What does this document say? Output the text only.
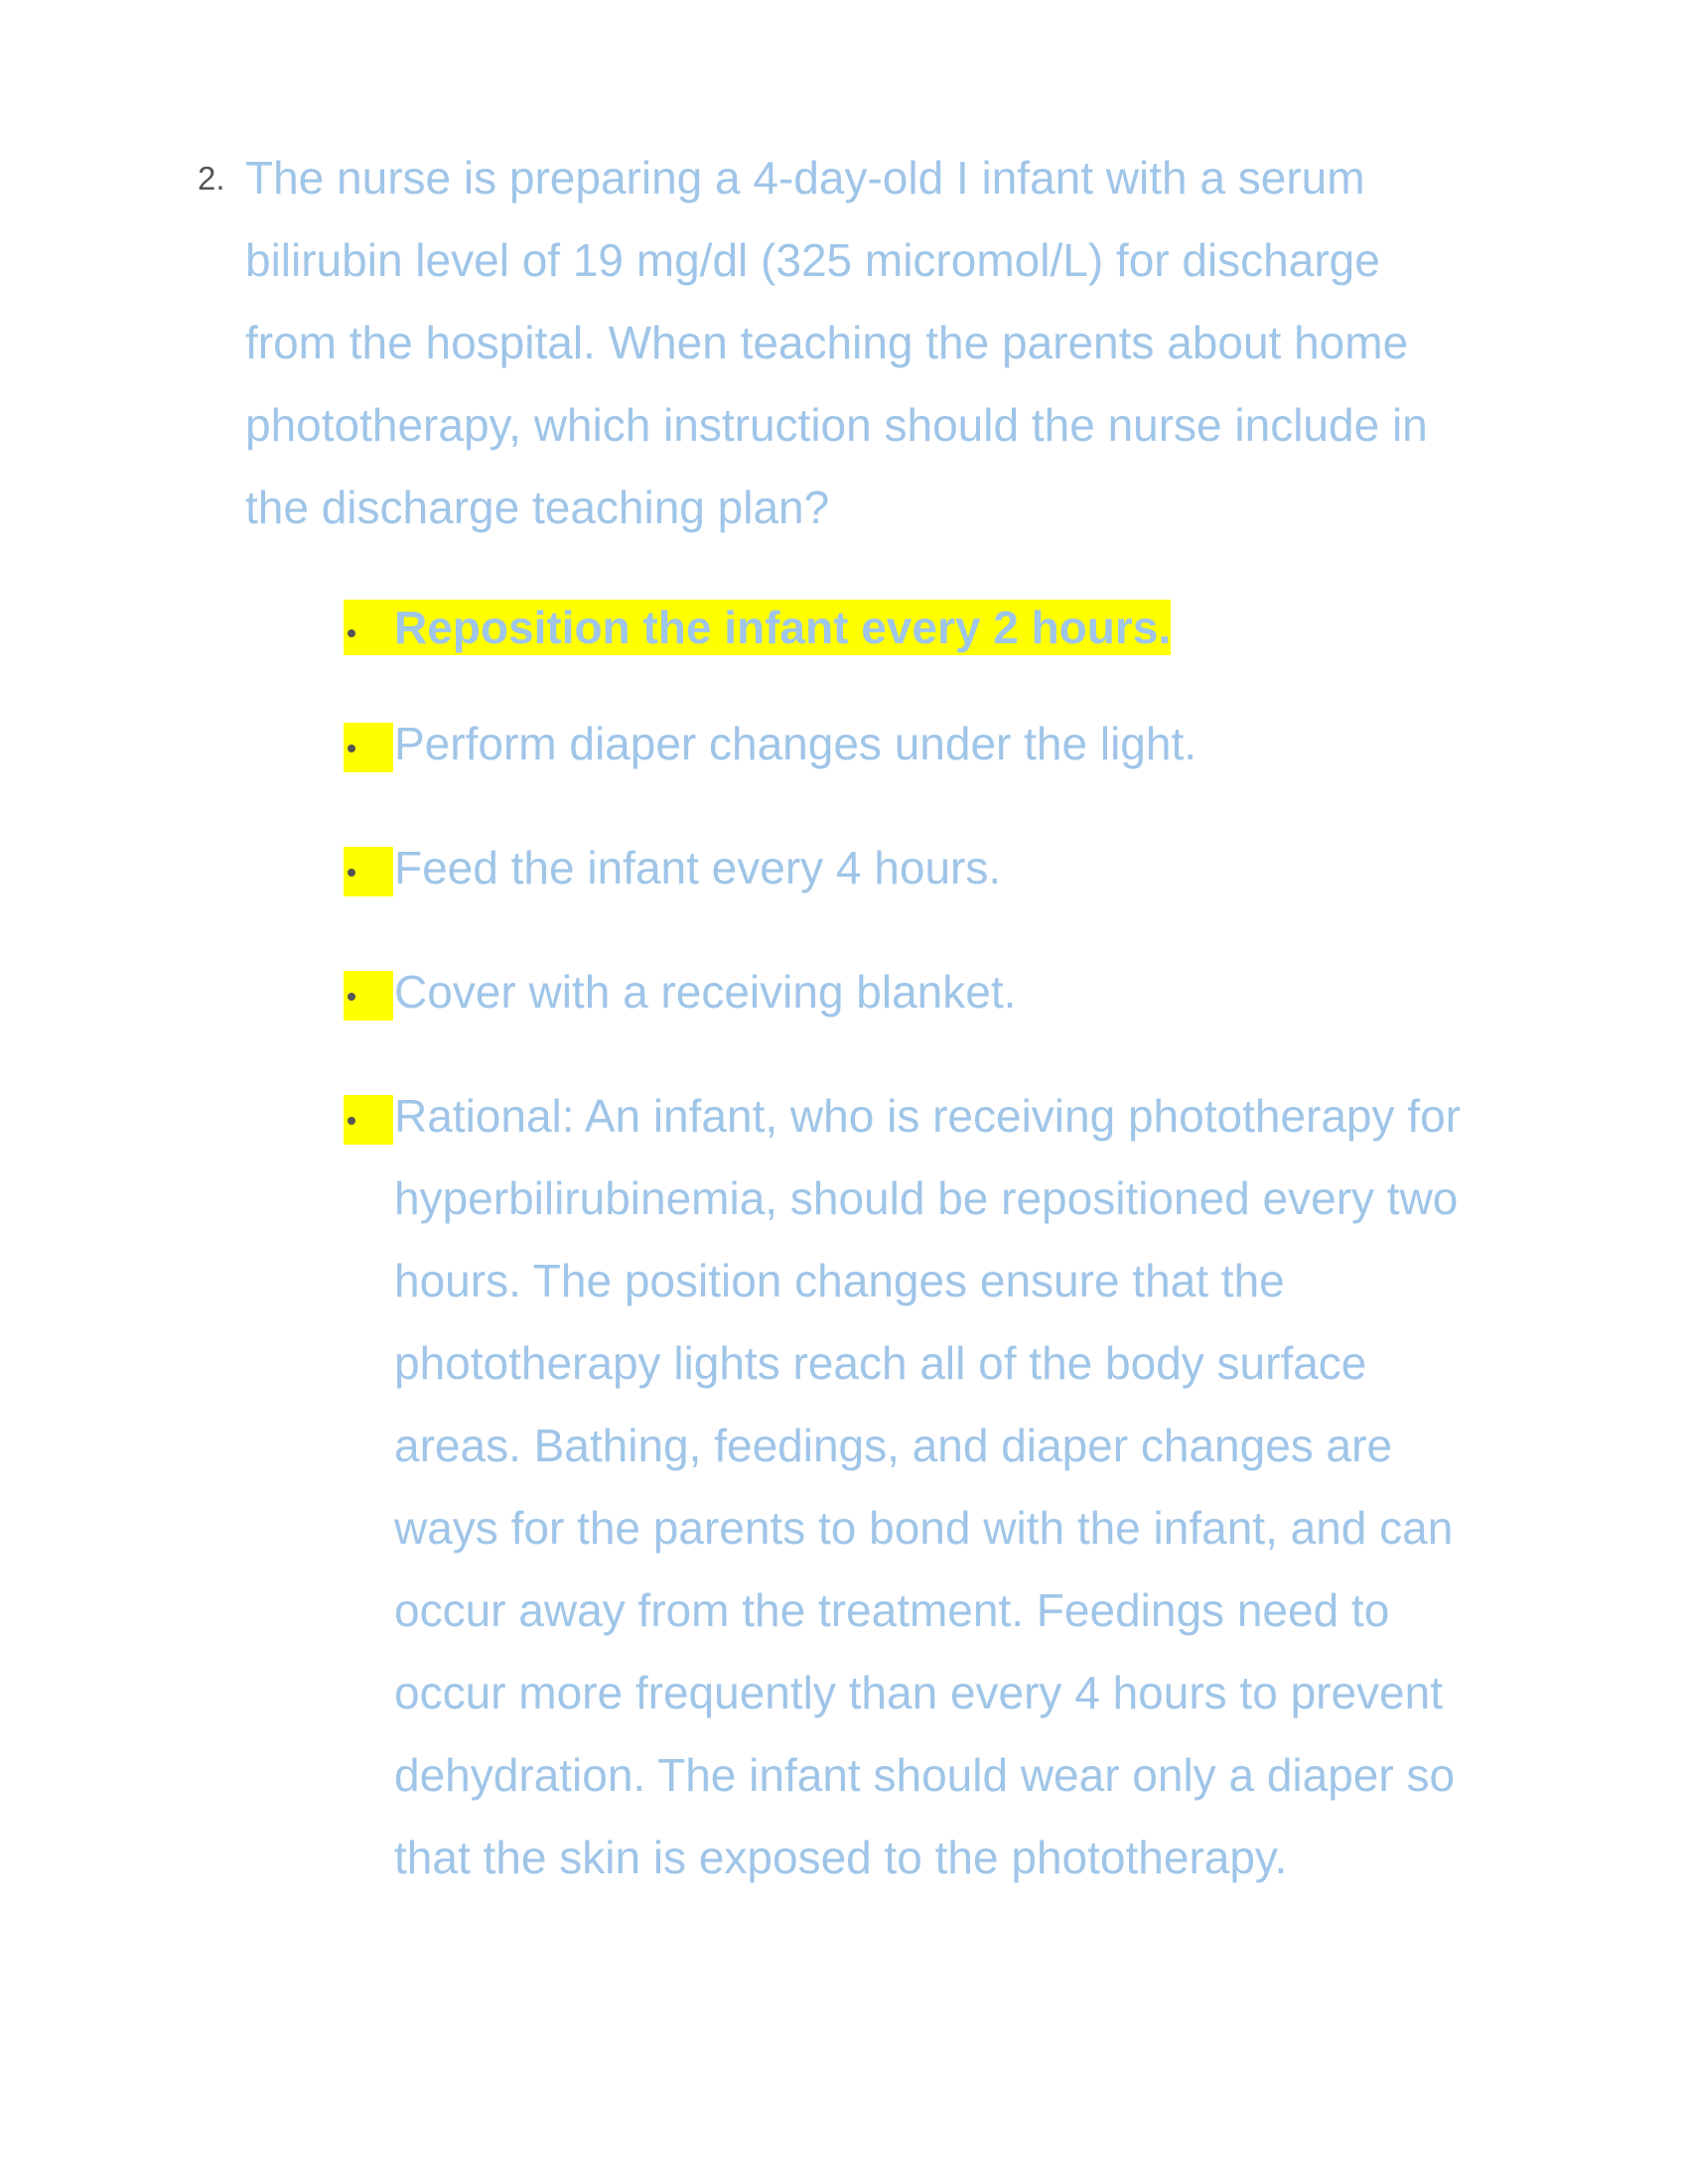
2. The nurse is preparing a 4-day-old I infant with a serum bilirubin level of 19 mg/dl (325 micromol/L) for discharge from the hospital. When teaching the parents about home phototherapy, which instruction should the nurse include in the discharge teaching plan?
Reposition the infant every 2 hours.
Perform diaper changes under the light.
Feed the infant every 4 hours.
Cover with a receiving blanket.
Rational: An infant, who is receiving phototherapy for hyperbilirubinemia, should be repositioned every two hours. The position changes ensure that the phototherapy lights reach all of the body surface areas. Bathing, feedings, and diaper changes are ways for the parents to bond with the infant, and can occur away from the treatment. Feedings need to occur more frequently than every 4 hours to prevent dehydration. The infant should wear only a diaper so that the skin is exposed to the phototherapy.
